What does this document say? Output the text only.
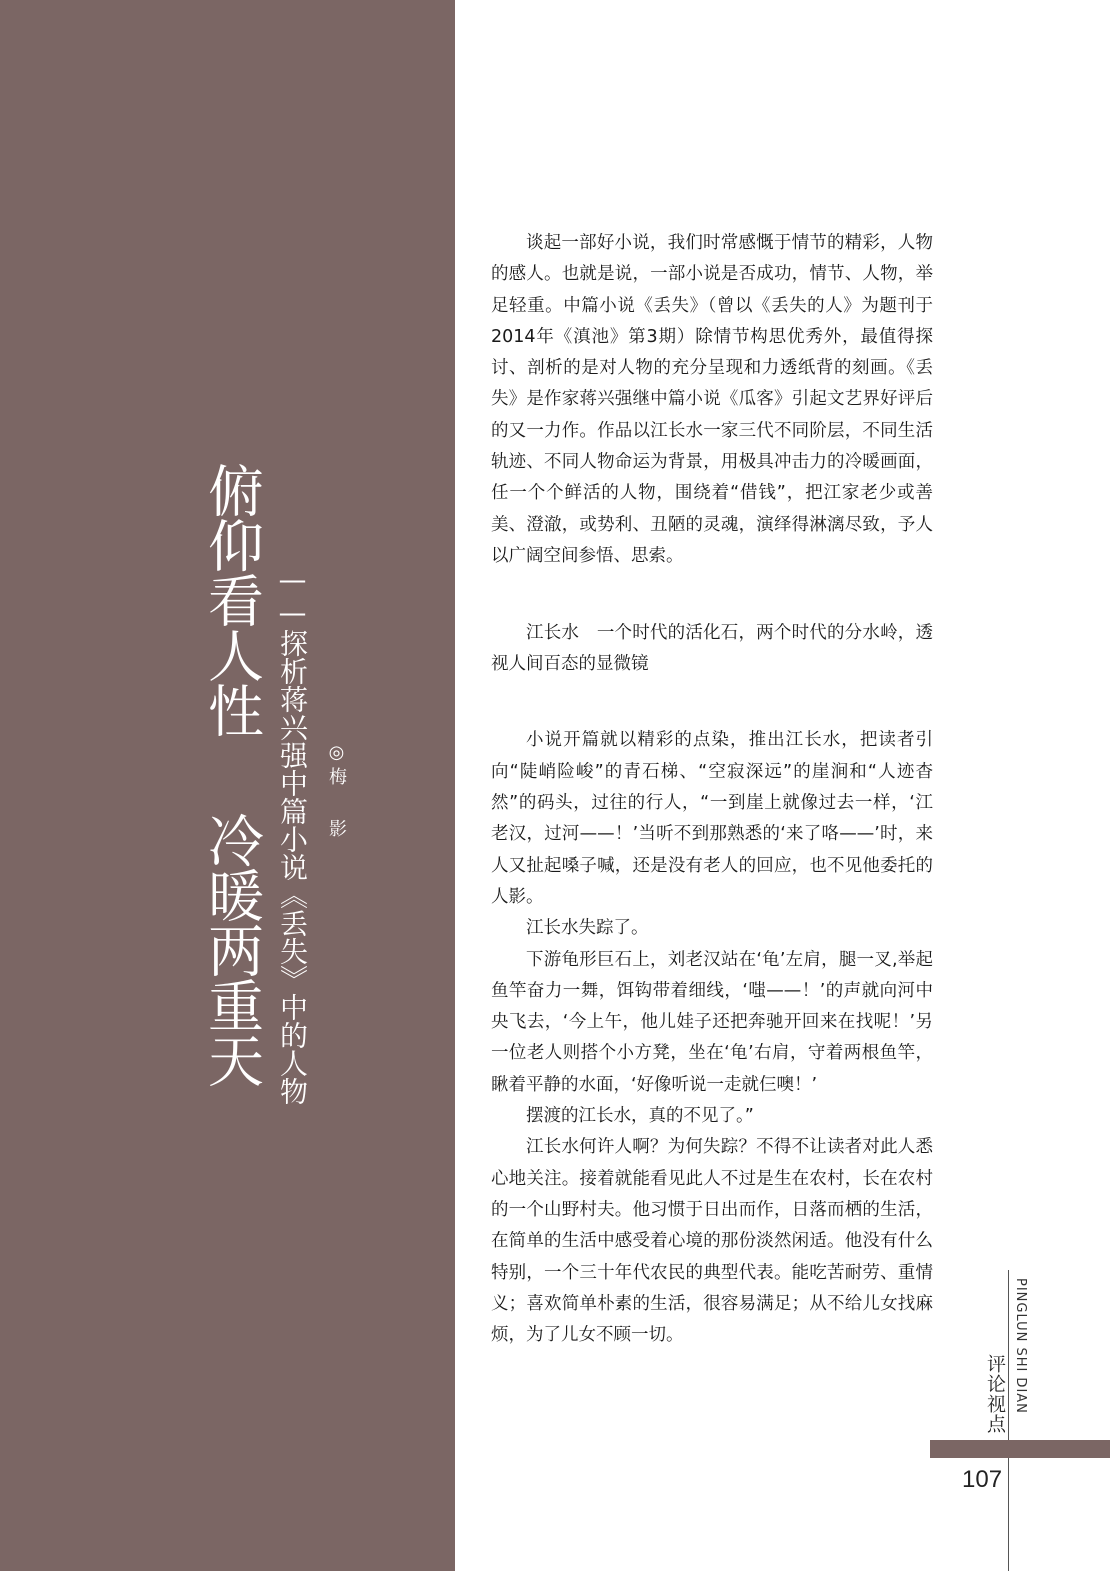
俯仰看人性
冷暖两重天 ——探析蒋兴强中篇小说《丢失》中的人物 ◎梅影

谈起一部好小说，我们时常感慨于情节的精彩，人物的感人。也就是说，一部小说是否成功，情节、人物，举足轻重。中篇小说《丢失》（曾以《丢失的人》为题刊于2014年《滇池》第3期）除情节构思优秀外，最值得探讨、剖析的是对人物的充分呈现和力透纸背的刻画。《丢失》是作家蒋兴强继中篇小说《瓜客》引起文艺界好评后的又一力作。作品以江长水一家三代不同阶层，不同生活轨迹、不同人物命运为背景，用极具冲击力的冷暖画面，任一个个鲜活的人物，围绕着“借钱”，把江家老少或善美、澄澈，或势利、丑陋的灵魂，演绎得淋漓尽致，予人以广阔空间参悟、思索。

江长水　一个时代的活化石，两个时代的分水岭，透视人间百态的显微镜

小说开篇就以精彩的点染，推出江长水，把读者引向“陡峭险峻”的青石梯、“空寂深远”的崖涧和“人迹杳然”的码头，过往的行人，“一到崖上就像过去一样，‘江老汉，过河——！’当听不到那熟悉的‘来了咯——’时，来人又扯起嗓子喊，还是没有老人的回应，也不见他委托的人影。

江长水失踪了。

下游龟形巨石上，刘老汉站在‘龟’左肩，腿一叉,举起鱼竿奋力一舞，饵钩带着细线，‘嗤——！’的声就向河中央飞去，‘今上午，他儿娃子还把奔驰开回来在找呢！’另一位老人则搭个小方凳，坐在‘龟’右肩，守着两根鱼竿，瞅着平静的水面，‘好像听说一走就仨噢！’

摆渡的江长水，真的不见了。”

江长水何许人啊？为何失踪？不得不让读者对此人悉心地关注。接着就能看见此人不过是生在农村，长在农村的一个山野村夫。他习惯于日出而作，日落而栖的生活，在简单的生活中感受着心境的那份淡然闲适。他没有什么特别，一个三十年代农民的典型代表。能吃苦耐劳、重情义；喜欢简单朴素的生活，很容易满足；从不给儿女找麻烦，为了儿女不顾一切。	PINGLUN SHI DIAN
评论视点
107
